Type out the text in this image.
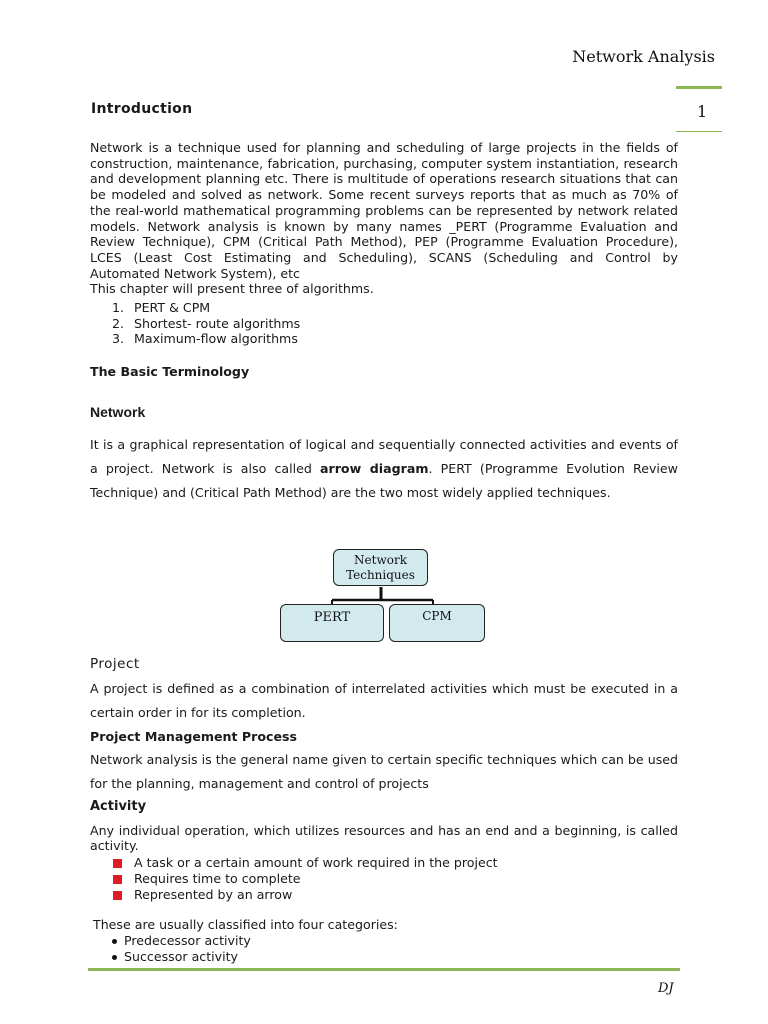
Network Analysis
1
Introduction
Network is a technique used for planning and scheduling of large projects in the fields of
construction, maintenance, fabrication, purchasing, computer system instantiation, research
and development planning etc. There is multitude of operations research situations that can
be modeled and solved as network. Some recent surveys reports that as much as 70% of
the real-world mathematical programming problems can be represented by network related
models. Network analysis is known by many names _PERT (Programme Evaluation and
Review Technique), CPM (Critical Path Method), PEP (Programme Evaluation Procedure),
LCES (Least Cost Estimating and Scheduling), SCANS (Scheduling and Control by
Automated Network System), etc
This chapter will present three of algorithms.
1. PERT & CPM
2. Shortest- route algorithms
3. Maximum-flow algorithms

The Basic Terminology

Network

It is a graphical representation of logical and sequentially connected activities and events of
a project. Network is also called arrow diagram. PERT (Programme Evolution Review
Technique) and (Critical Path Method) are the two most widely applied techniques.
Network
Techniques
PERT	CPM

Project

A project is defined as a combination of interrelated activities which must be executed in a
certain order in for its completion.

Project Management Process

Network analysis is the general name given to certain specific techniques which can be used
for the planning, management and control of projects

Activity

Any individual operation, which utilizes resources and has an end and a beginning, is called
activity.
A task or a certain amount of work required in the project
Requires time to complete
Represented by an arrow

These are usually classified into four categories:

Predecessor activity
Successor activity
DJ
